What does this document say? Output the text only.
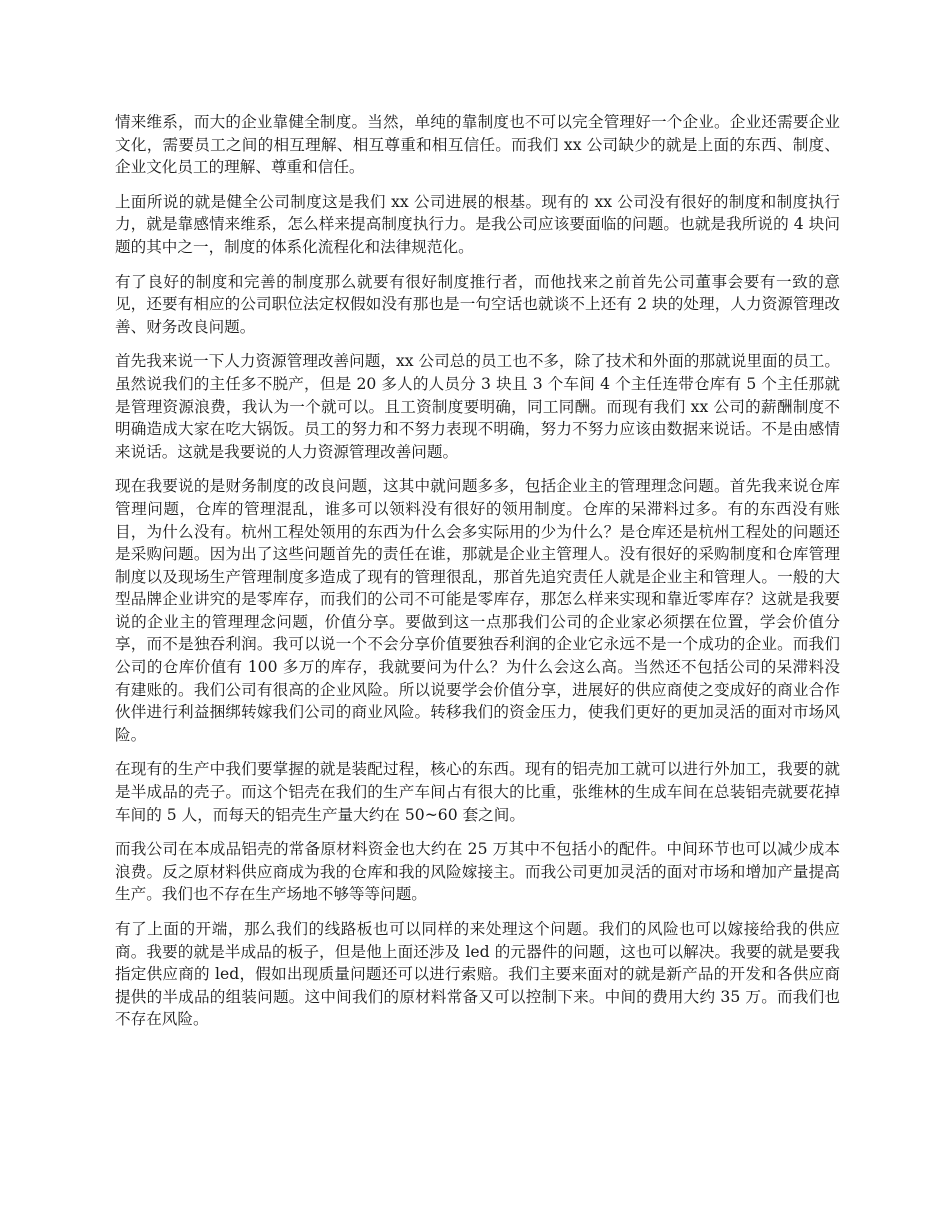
情来维系，而大的企业靠健全制度。当然，单纯的靠制度也不可以完全管理好一个企业。企业还需要企业文化，需要员工之间的相互理解、相互尊重和相互信任。而我们 xx 公司缺少的就是上面的东西、制度、企业文化员工的理解、尊重和信任。

上面所说的就是健全公司制度这是我们 xx 公司进展的根基。现有的 xx 公司没有很好的制度和制度执行力，就是靠感情来维系，怎么样来提高制度执行力。是我公司应该要面临的问题。也就是我所说的 4 块问题的其中之一，制度的体系化流程化和法律规范化。

有了良好的制度和完善的制度那么就要有很好制度推行者，而他找来之前首先公司董事会要有一致的意见，还要有相应的公司职位法定权假如没有那也是一句空话也就谈不上还有 2 块的处理，人力资源管理改善、财务改良问题。

首先我来说一下人力资源管理改善问题，xx 公司总的员工也不多，除了技术和外面的那就说里面的员工。虽然说我们的主任多不脱产，但是 20 多人的人员分 3 块且 3 个车间 4 个主任连带仓库有 5 个主任那就是管理资源浪费，我认为一个就可以。且工资制度要明确，同工同酬。而现有我们 xx 公司的薪酬制度不明确造成大家在吃大锅饭。员工的努力和不努力表现不明确，努力不努力应该由数据来说话。不是由感情来说话。这就是我要说的人力资源管理改善问题。

现在我要说的是财务制度的改良问题，这其中就问题多多，包括企业主的管理理念问题。首先我来说仓库管理问题，仓库的管理混乱，谁多可以领料没有很好的领用制度。仓库的呆滞料过多。有的东西没有账目，为什么没有。杭州工程处领用的东西为什么会多实际用的少为什么？是仓库还是杭州工程处的问题还是采购问题。因为出了这些问题首先的责任在谁，那就是企业主管理人。没有很好的采购制度和仓库管理制度以及现场生产管理制度多造成了现有的管理很乱，那首先追究责任人就是企业主和管理人。一般的大型品牌企业讲究的是零库存，而我们的公司不可能是零库存，那怎么样来实现和靠近零库存？这就是我要说的企业主的管理理念问题，价值分享。要做到这一点那我们公司的企业家必须摆在位置，学会价值分享，而不是独吞利润。我可以说一个不会分享价值要独吞利润的企业它永远不是一个成功的企业。而我们公司的仓库价值有 100 多万的库存，我就要问为什么？为什么会这么高。当然还不包括公司的呆滞料没有建账的。我们公司有很高的企业风险。所以说要学会价值分享，进展好的供应商使之变成好的商业合作伙伴进行利益捆绑转嫁我们公司的商业风险。转移我们的资金压力，使我们更好的更加灵活的面对市场风险。

在现有的生产中我们要掌握的就是装配过程，核心的东西。现有的铝壳加工就可以进行外加工，我要的就是半成品的壳子。而这个铝壳在我们的生产车间占有很大的比重，张维林的生成车间在总装铝壳就要花掉车间的 5 人，而每天的铝壳生产量大约在 50~60 套之间。

而我公司在本成品铝壳的常备原材料资金也大约在 25 万其中不包括小的配件。中间环节也可以减少成本浪费。反之原材料供应商成为我的仓库和我的风险嫁接主。而我公司更加灵活的面对市场和增加产量提高生产。我们也不存在生产场地不够等等问题。

有了上面的开端，那么我们的线路板也可以同样的来处理这个问题。我们的风险也可以嫁接给我的供应商。我要的就是半成品的板子，但是他上面还涉及 led 的元器件的问题，这也可以解决。我要的就是要我指定供应商的 led，假如出现质量问题还可以进行索赔。我们主要来面对的就是新产品的开发和各供应商提供的半成品的组装问题。这中间我们的原材料常备又可以控制下来。中间的费用大约 35 万。而我们也不存在风险。
